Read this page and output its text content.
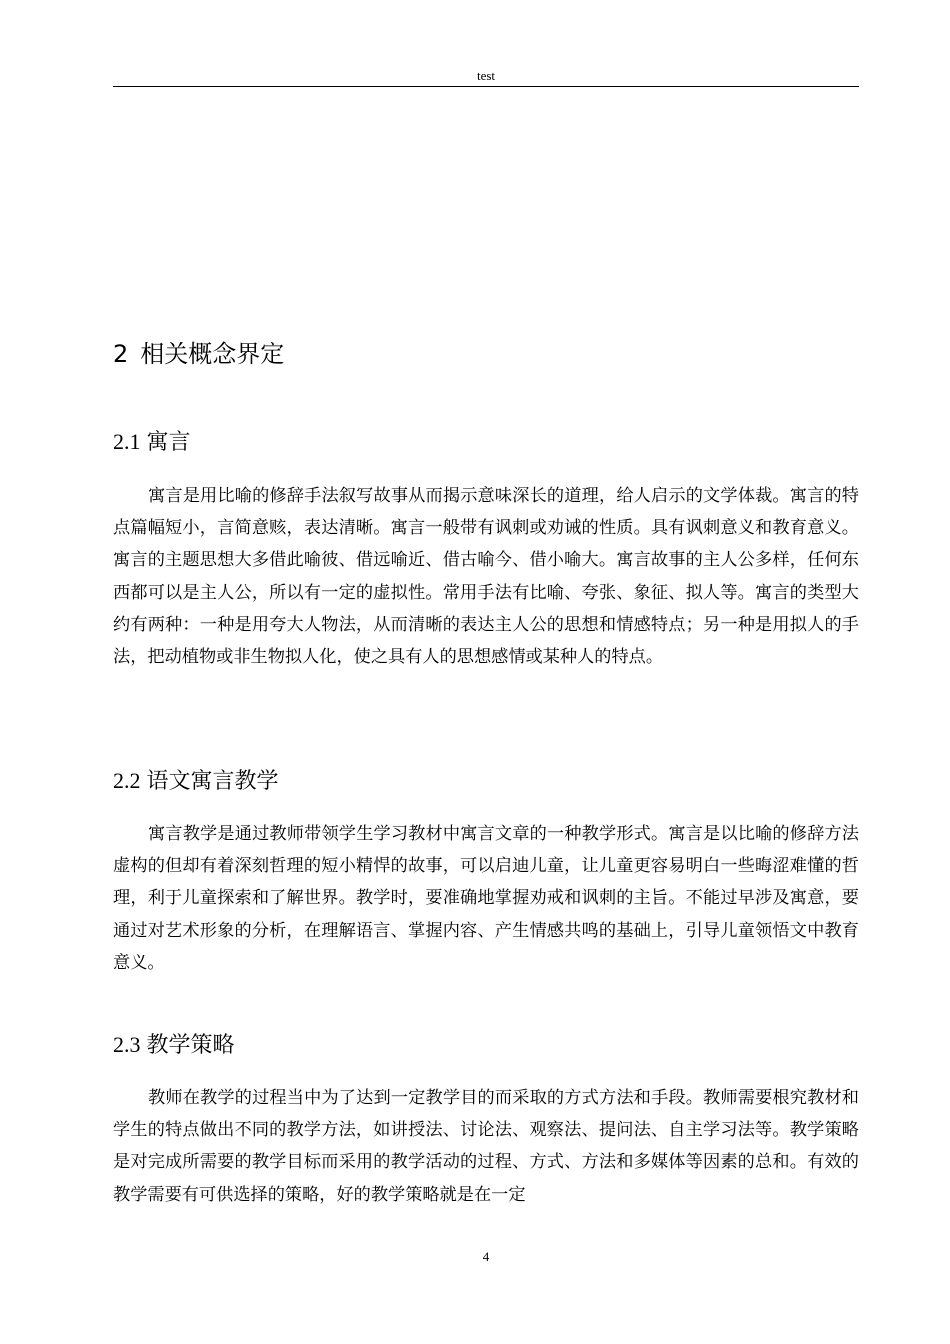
test
2 相关概念界定
2.1 寓言

寓言是用比喻的修辞手法叙写故事从而揭示意味深长的道理，给人启示的文学体裁。寓言的特点篇幅短小，言简意赅，表达清晰。寓言一般带有讽刺或劝诫的性质。具有讽刺意义和教育意义。寓言的主题思想大多借此喻彼、借远喻近、借古喻今、借小喻大。寓言故事的主人公多样，任何东西都可以是主人公，所以有一定的虚拟性。常用手法有比喻、夸张、象征、拟人等。寓言的类型大约有两种：一种是用夸大人物法，从而清晰的表达主人公的思想和情感特点；另一种是用拟人的手法，把动植物或非生物拟人化，使之具有人的思想感情或某种人的特点。

2.2 语文寓言教学

寓言教学是通过教师带领学生学习教材中寓言文章的一种教学形式。寓言是以比喻的修辞方法虚构的但却有着深刻哲理的短小精悍的故事，可以启迪儿童，让儿童更容易明白一些晦涩难懂的哲理，利于儿童探索和了解世界。教学时，要准确地掌握劝戒和讽刺的主旨。不能过早涉及寓意，要通过对艺术形象的分析，在理解语言、掌握内容、产生情感共鸣的基础上，引导儿童领悟文中教育意义。

2.3 教学策略

教师在教学的过程当中为了达到一定教学目的而采取的方式方法和手段。教师需要根究教材和学生的特点做出不同的教学方法，如讲授法、讨论法、观察法、提问法、自主学习法等。教学策略是对完成所需要的教学目标而采用的教学活动的过程、方式、方法和多媒体等因素的总和。有效的教学需要有可供选择的策略，好的教学策略就是在一定

4
